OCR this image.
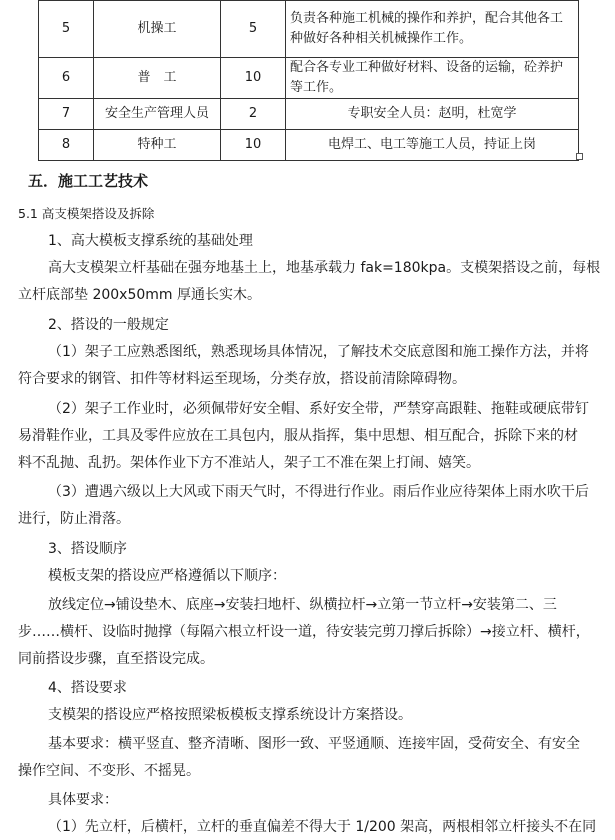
5	机操工	5	负责各种施工机械的操作和养护，配合其他各工种做好各种相关机械操作工作。
6	普　工	10	配合各专业工种做好材料、设备的运输，砼养护等工作。
7	安全生产管理人员	2	专职安全人员：赵明，杜宽学
8	特种工	10	电焊工、电工等施工人员，持证上岗
五．施工工艺技术
5.1 高支模架搭设及拆除
1、高大模板支撑系统的基础处理
高大支模架立杆基础在强夯地基土上，地基承载力 fak=180kpa。支模架搭设之前，每根
立杆底部垫 200x50mm 厚通长实木。
2、搭设的一般规定
（1）架子工应熟悉图纸，熟悉现场具体情况，了解技术交底意图和施工操作方法，并将
符合要求的钢管、扣件等材料运至现场，分类存放，搭设前清除障碍物。
（2）架子工作业时，必须佩带好安全帽、系好安全带，严禁穿高跟鞋、拖鞋或硬底带钉
易滑鞋作业，工具及零件应放在工具包内，服从指挥，集中思想、相互配合，拆除下来的材
料不乱抛、乱扔。架体作业下方不准站人，架子工不准在架上打闹、嬉笑。
（3）遭遇六级以上大风或下雨天气时，不得进行作业。雨后作业应待架体上雨水吹干后
进行，防止滑落。
3、搭设顺序
模板支架的搭设应严格遵循以下顺序：
放线定位→铺设垫木、底座→安装扫地杆、纵横拉杆→立第一节立杆→安装第二、三
步……横杆、设临时抛撑（每隔六根立杆设一道，待安装完剪刀撑后拆除）→接立杆、横杆，
同前搭设步骤，直至搭设完成。
4、搭设要求
支模架的搭设应严格按照梁板模板支撑系统设计方案搭设。
基本要求：横平竖直、整齐清晰、图形一致、平竖通顺、连接牢固，受荷安全、有安全
操作空间、不变形、不摇晃。
具体要求：
（1）先立杆，后横杆，立杆的垂直偏差不得大于 1/200 架高，两根相邻立杆接头不在同
